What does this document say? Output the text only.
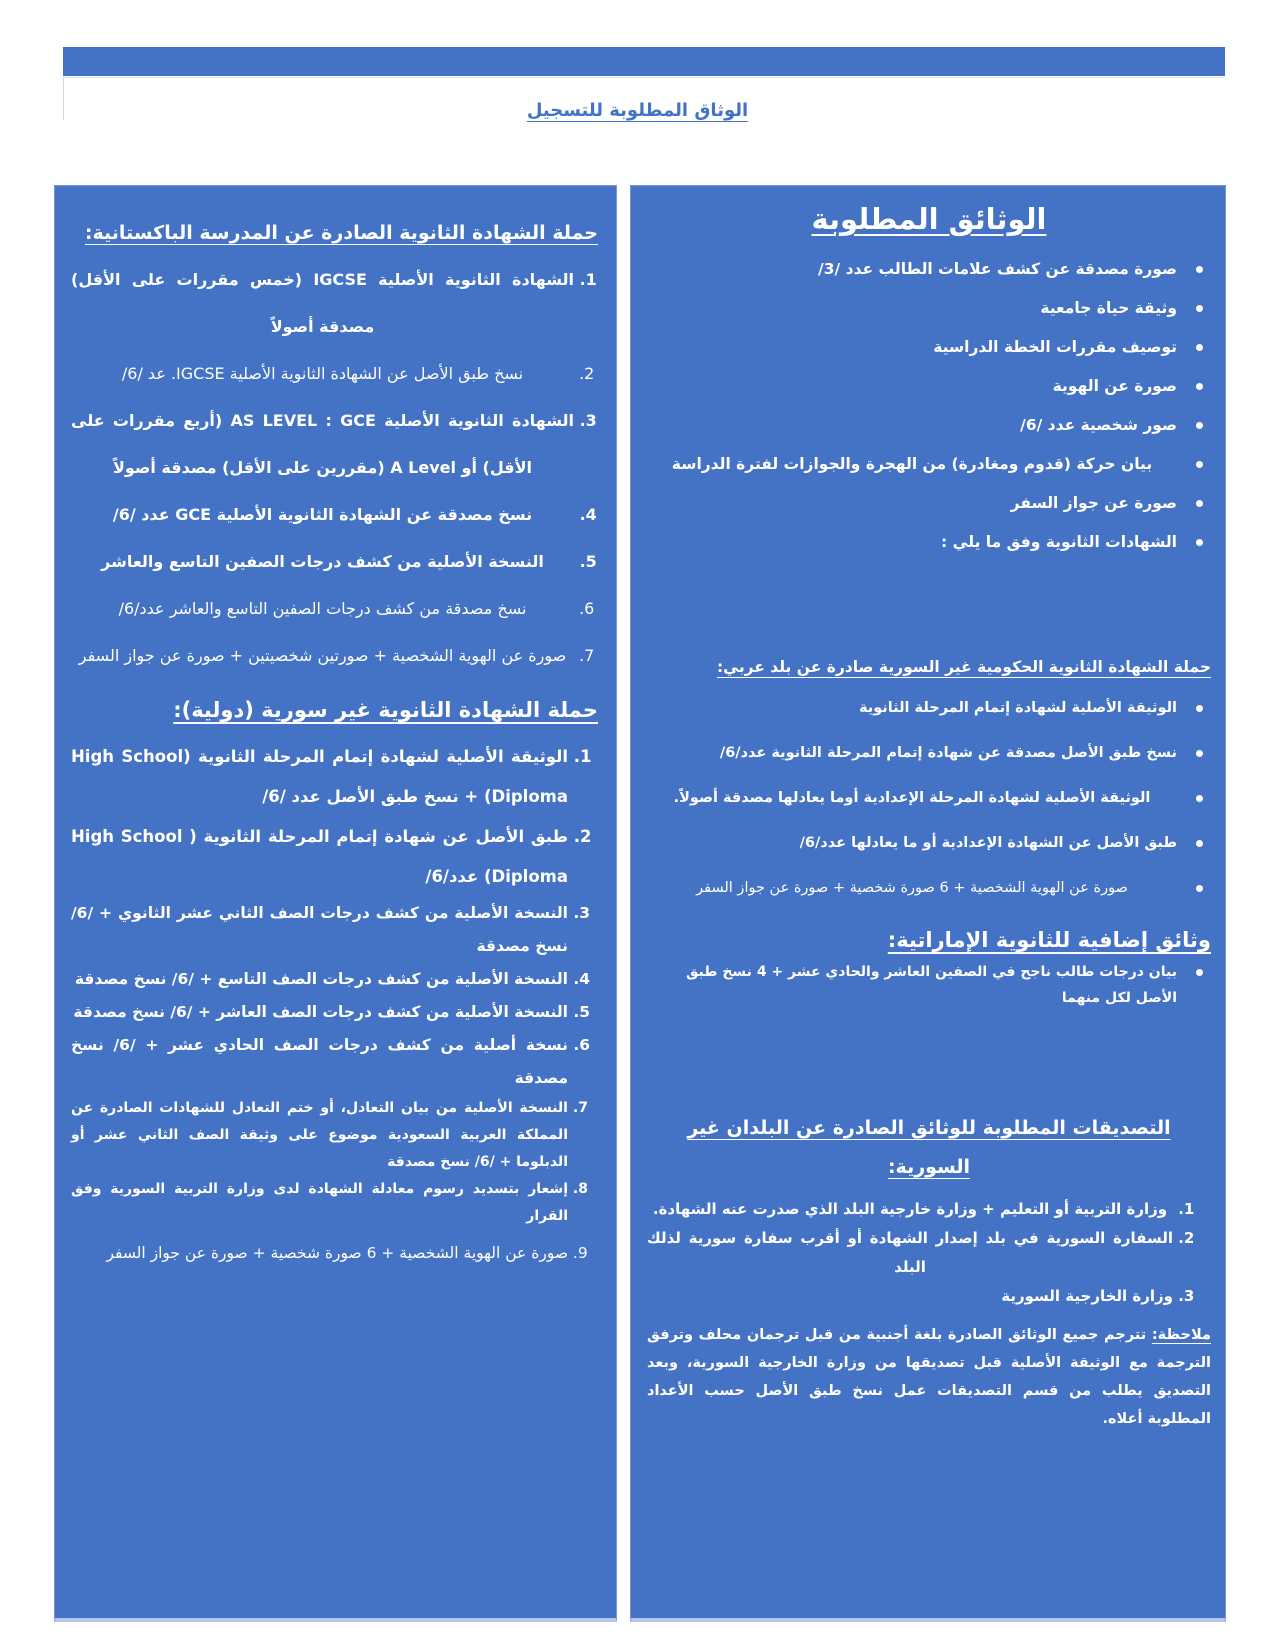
الوثاق المطلوبة للتسجيل
حملة الشهادة الثانوية الصادرة عن المدرسة الباكستانية:
1. الشهادة الثانوية الأصلية IGCSE (خمس مقررات على الأقل) مصدقة أصولاً
2. نسخ طبق الأصل عن الشهادة الثانوية الأصلية IGCSE. عد /6/
3. الشهادة الثانوية الأصلية AS LEVEL : GCE (أربع مقررات على الأقل) أو A Level (مقررين على الأقل) مصدقة أصولاً
4. نسخ مصدقة عن الشهادة الثانوية الأصلية GCE عدد /6/
5. النسخة الأصلية من كشف درجات الصفين التاسع والعاشر
6. نسخ مصدقة من كشف درجات الصفين التاسع والعاشر عدد/6/
7. صورة عن الهوية الشخصية + صورتين شخصيتين + صورة عن جواز السفر
حملة الشهادة الثانوية غير سورية (دولية):
1. الوثيقة الأصلية لشهادة إتمام المرحلة الثانوية (High School Diploma) + نسخ طبق الأصل عدد /6/
2. طبق الأصل عن شهادة إتمام المرحلة الثانوية ( High School Diploma) عدد/6/
3. النسخة الأصلية من كشف درجات الصف الثاني عشر الثانوي + /6/ نسخ مصدقة
4. النسخة الأصلية من كشف درجات الصف التاسع + /6/ نسخ مصدقة
5. النسخة الأصلية من كشف درجات الصف العاشر + /6/ نسخ مصدقة
6. نسخة أصلية من كشف درجات الصف الحادي عشر + /6/ نسخ مصدقة
7. النسخة الأصلية من بيان التعادل، أو ختم التعادل للشهادات الصادرة عن المملكة العربية السعودية موضوع على وثيقة الصف الثاني عشر أو الدبلوما + /6/ نسخ مصدقة
8. إشعار بتسديد رسوم معادلة الشهادة لدى وزارة التربية السورية وفق القرار
9. صورة عن الهوية الشخصية + 6 صورة شخصية + صورة عن جواز السفر
الوثائق المطلوبة
صورة مصدقة عن كشف علامات الطالب عدد /3/
وثيقة حياة جامعية
توصيف مقررات الخطة الدراسية
صورة عن الهوية
صور شخصية عدد /6/
بيان حركة (قدوم ومغادرة) من الهجرة والجوازات لفترة الدراسة
صورة عن جواز السفر
الشهادات الثانوية وفق ما يلي :
حملة الشهادة الثانوية الحكومية غير السورية صادرة عن بلد عربي:
الوثيقة الأصلية لشهادة إتمام المرحلة الثانوية
نسخ طبق الأصل مصدقة عن شهادة إتمام المرحلة الثانوية عدد/6/
الوثيقة الأصلية لشهادة المرحلة الإعدادية أوما يعادلها مصدقة أصولاً.
طبق الأصل عن الشهادة الإعدادية أو ما يعادلها عدد/6/
صورة عن الهوية الشخصية + 6 صورة شخصية + صورة عن جواز السفر
وثائق إضافية للثانوية الإماراتية:
بيان درجات طالب ناجح في الصفين العاشر والحادي عشر + 4 نسخ طبق الأصل لكل منهما
التصديقات المطلوبة للوثائق الصادرة عن البلدان غير السورية:
1. وزارة التربية أو التعليم + وزارة خارجية البلد الذي صدرت عنه الشهادة.
2. السفارة السورية في بلد إصدار الشهادة أو أقرب سفارة سورية لذلك البلد
3. وزارة الخارجية السورية

ملاحظة: تترجم جميع الوثائق الصادرة بلغة أجنبية من قبل ترجمان محلف وترفق الترجمة مع الوثيقة الأصلية قبل تصديقها من وزارة الخارجية السورية، وبعد التصديق يطلب من قسم التصديقات عمل نسخ طبق الأصل حسب الأعداد المطلوبة أعلاه.
